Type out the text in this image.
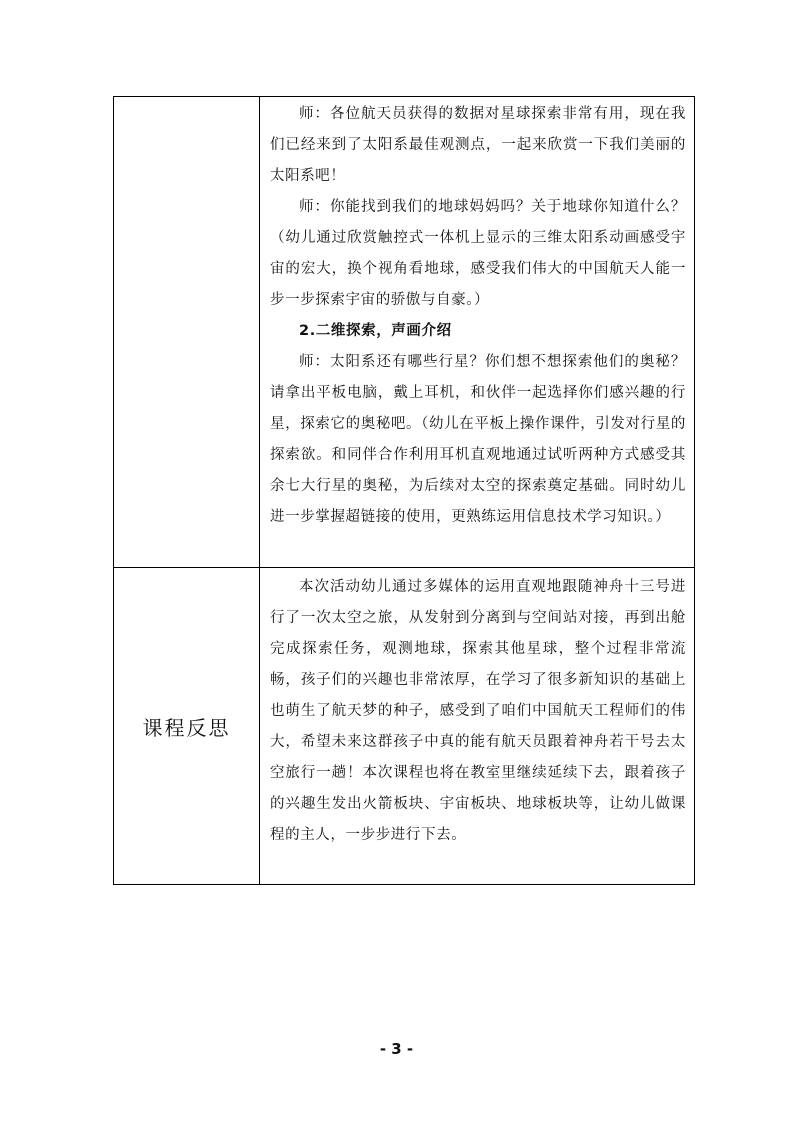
	师：各位航天员获得的数据对星球探索非常有用，现在我们已经来到了太阳系最佳观测点，一起来欣赏一下我们美丽的太阳系吧！

师：你能找到我们的地球妈妈吗？关于地球你知道什么？（幼儿通过欣赏触控式一体机上显示的三维太阳系动画感受宇宙的宏大，换个视角看地球，感受我们伟大的中国航天人能一步一步探索宇宙的骄傲与自豪。）

2.二维探索，声画介绍

师：太阳系还有哪些行星？你们想不想探索他们的奥秘？请拿出平板电脑，戴上耳机，和伙伴一起选择你们感兴趣的行星，探索它的奥秘吧。（幼儿在平板上操作课件，引发对行星的探索欲。和同伴合作利用耳机直观地通过试听两种方式感受其余七大行星的奥秘，为后续对太空的探索奠定基础。同时幼儿进一步掌握超链接的使用，更熟练运用信息技术学习知识。）

课程反思	本次活动幼儿通过多媒体的运用直观地跟随神舟十三号进行了一次太空之旅，从发射到分离到与空间站对接，再到出舱完成探索任务，观测地球，探索其他星球，整个过程非常流畅，孩子们的兴趣也非常浓厚，在学习了很多新知识的基础上也萌生了航天梦的种子，感受到了咱们中国航天工程师们的伟大，希望未来这群孩子中真的能有航天员跟着神舟若干号去太空旅行一趟！本次课程也将在教室里继续延续下去，跟着孩子的兴趣生发出火箭板块、宇宙板块、地球板块等，让幼儿做课程的主人，一步步进行下去。

- 3 -
